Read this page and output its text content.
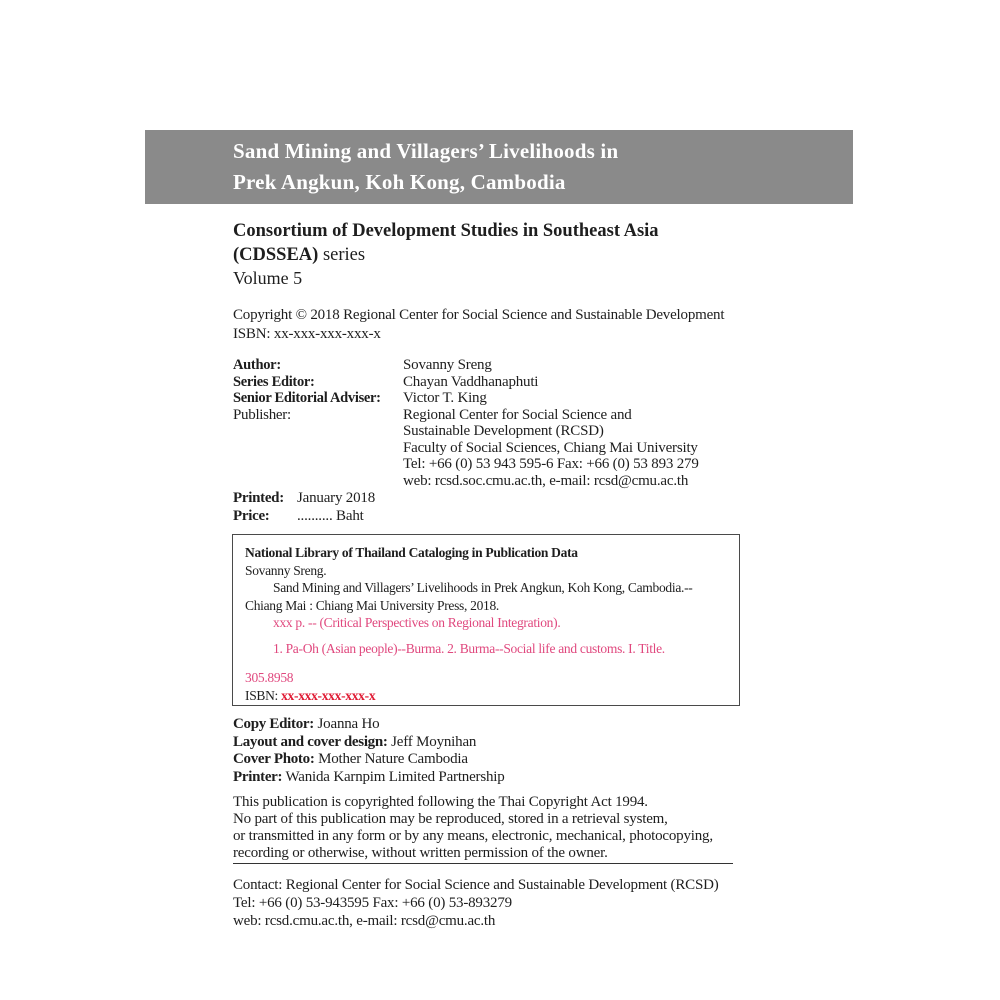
Sand Mining and Villagers’ Livelihoods in
Prek Angkun, Koh Kong, Cambodia
Consortium of Development Studies in Southeast Asia
(CDSSEA) series
Volume 5
Copyright © 2018 Regional Center for Social Science and Sustainable Development
ISBN: xx-xxx-xxx-xxx-x
Author:	Sovanny Sreng
Series Editor:	Chayan Vaddhanaphuti
Senior Editorial Adviser:	Victor T. King
Publisher:	Regional Center for Social Science and
Sustainable Development (RCSD)
Faculty of Social Sciences, Chiang Mai University
Tel: +66 (0) 53 943 595-6 Fax: +66 (0) 53 893 279
web: rcsd.soc.cmu.ac.th, e-mail: rcsd@cmu.ac.th
Printed: January 2018
Price:	.......... Baht
National Library of Thailand Cataloging in Publication Data
Sovanny Sreng.
Sand Mining and Villagers’ Livelihoods in Prek Angkun, Koh Kong, Cambodia.--
Chiang Mai : Chiang Mai University Press, 2018.
xxx p. -- (Critical Perspectives on Regional Integration).
1. Pa-Oh (Asian people)--Burma. 2. Burma--Social life and customs. I. Title.
305.8958
ISBN: xx-xxx-xxx-xxx-x
Copy Editor: Joanna Ho
Layout and cover design: Jeff Moynihan
Cover Photo: Mother Nature Cambodia
Printer: Wanida Karnpim Limited Partnership
This publication is copyrighted following the Thai Copyright Act 1994.
No part of this publication may be reproduced, stored in a retrieval system,
or transmitted in any form or by any means, electronic, mechanical, photocopying,
recording or otherwise, without written permission of the owner.
Contact: Regional Center for Social Science and Sustainable Development (RCSD)
Tel: +66 (0) 53-943595 Fax: +66 (0) 53-893279
web: rcsd.cmu.ac.th, e-mail: rcsd@cmu.ac.th
